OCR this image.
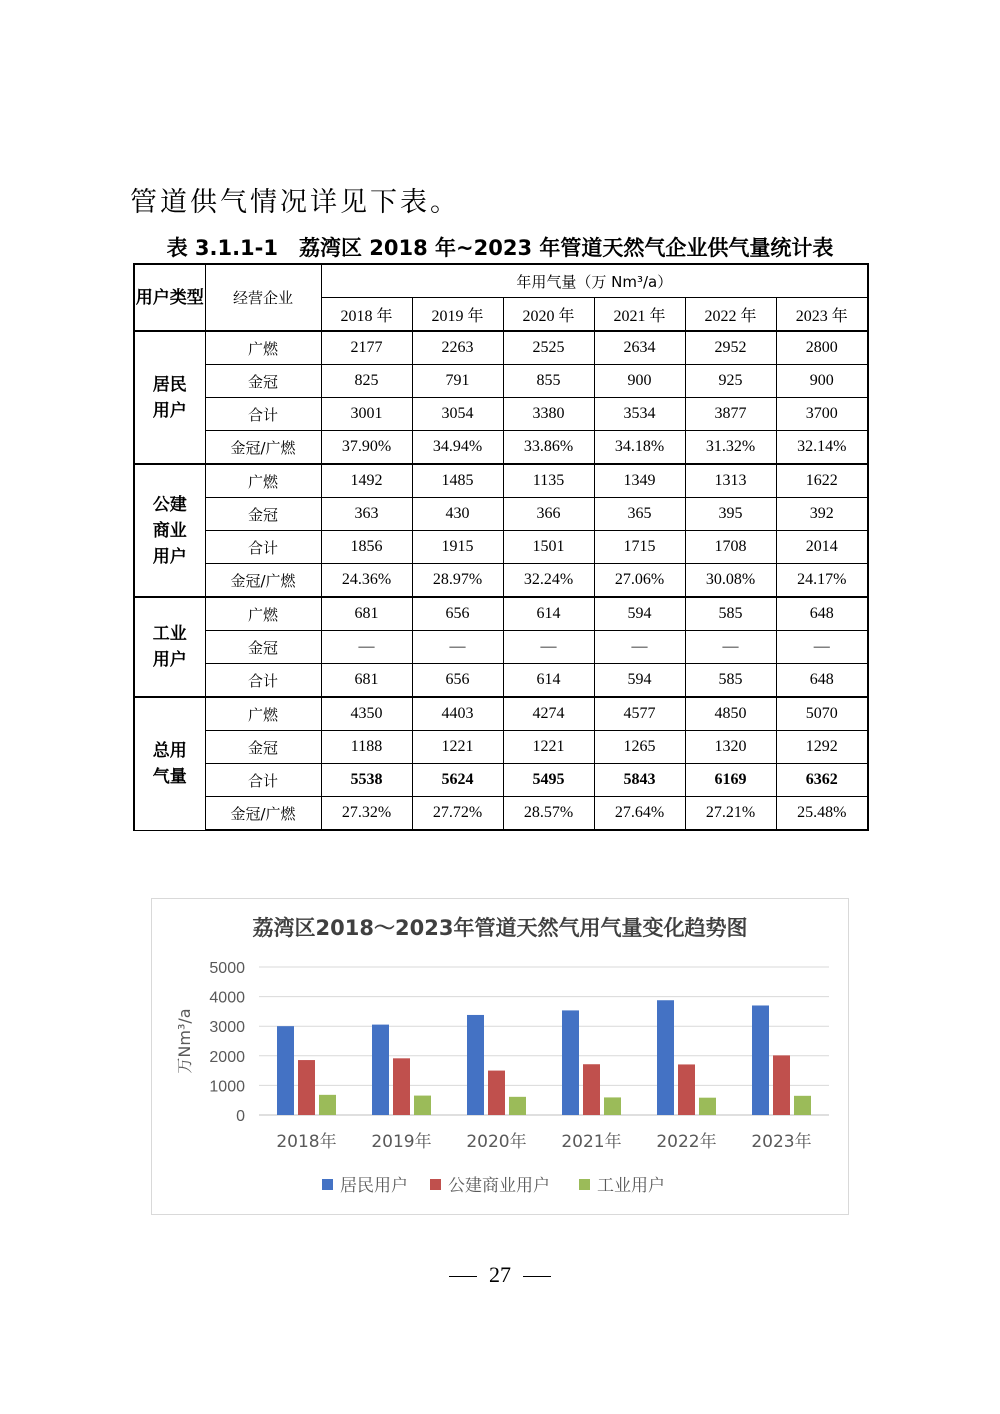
管道供气情况详见下表。
表 3.1.1-1　荔湾区 2018 年~2023 年管道天然气企业供气量统计表
用户类型	经营企业	年用气量（万 Nm³/a）					
		2018 年	2019 年	2020 年	2021 年	2022 年	2023 年
居民用户	广燃	2177	2263	2525	2634	2952	2800
	金冠	825	791	855	900	925	900
	合计	3001	3054	3380	3534	3877	3700
	金冠/广燃	37.90%	34.94%	33.86%	34.18%	31.32%	32.14%
公建商业用户	广燃	1492	1485	1135	1349	1313	1622
	金冠	363	430	366	365	395	392
	合计	1856	1915	1501	1715	1708	2014
	金冠/广燃	24.36%	28.97%	32.24%	27.06%	30.08%	24.17%
工业用户	广燃	681	656	614	594	585	648
	金冠	—	—	—	—	—	—
	合计	681	656	614	594	585	648
总用气量	广燃	4350	4403	4274	4577	4850	5070
	金冠	1188	1221	1221	1265	1320	1292
	合计	5538	5624	5495	5843	6169	6362
	金冠/广燃	27.32%	27.72%	28.57%	27.64%	27.21%	25.48%
荔湾区2018～2023年管道天然气用气量变化趋势图
0
1000
2000
3000
4000
5000
万Nm³/a
2018年 2019年 2020年 2021年 2022年 2023年
居民用户 公建商业用户	工业用户
27
